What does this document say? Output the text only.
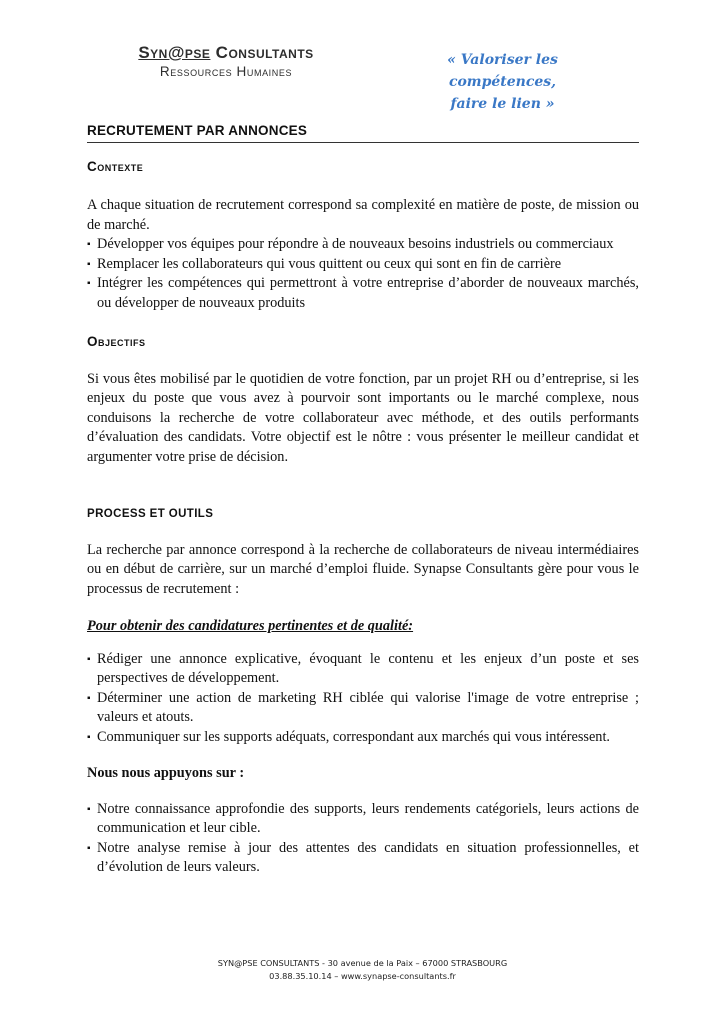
Syn@pse Consultants
Ressources Humaines
« Valoriser les compétences,
faire le lien »
RECRUTEMENT PAR ANNONCES
Contexte

A chaque situation de recrutement correspond sa complexité en matière de poste, de mission ou de marché.

▪ Développer vos équipes pour répondre à de nouveaux besoins industriels ou commerciaux
▪ Remplacer les collaborateurs qui vous quittent ou ceux qui sont en fin de carrière
▪ Intégrer les compétences qui permettront à votre entreprise d’aborder de nouveaux marchés, ou développer de nouveaux produits
Objectifs

Si vous êtes mobilisé par le quotidien de votre fonction, par un projet RH ou d’entreprise, si les enjeux du poste que vous avez à pourvoir sont importants ou le marché complexe, nous conduisons la recherche de votre collaborateur avec méthode, et des outils performants d’évaluation des candidats. Votre objectif est le nôtre : vous présenter le meilleur candidat et argumenter votre prise de décision.

PROCESS ET OUTILS

La recherche par annonce correspond à la recherche de collaborateurs de niveau intermédiaires ou en début de carrière, sur un marché d’emploi fluide. Synapse Consultants gère pour vous le processus de recrutement :

Pour obtenir des candidatures pertinentes et de qualité:

▪ Rédiger une annonce explicative, évoquant le contenu et les enjeux d’un poste et ses perspectives de développement.
▪ Déterminer une action de marketing RH ciblée qui valorise l'image de votre entreprise ; valeurs et atouts.
▪ Communiquer sur les supports adéquats, correspondant aux marchés qui vous intéressent.

Nous nous appuyons sur :

▪ Notre connaissance approfondie des supports, leurs rendements catégoriels, leurs actions de communication et leur cible.
▪ Notre analyse remise à jour des attentes des candidats en situation professionnelles, et d’évolution de leurs valeurs.
SYN@PSE CONSULTANTS - 30 avenue de la Paix – 67000 STRASBOURG
03.88.35.10.14 – www.synapse-consultants.fr
